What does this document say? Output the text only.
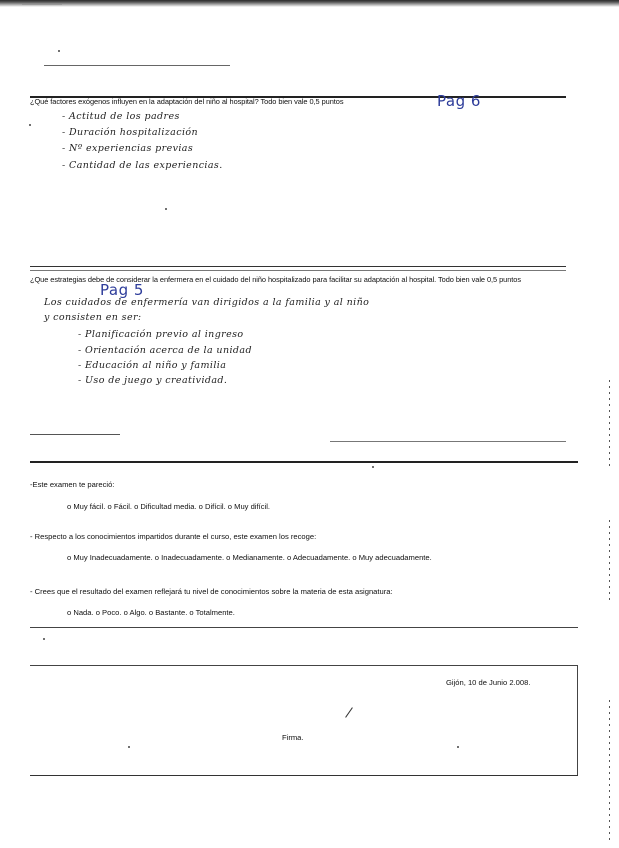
¿Qué factores exógenos influyen en la adaptación del niño al hospital? Todo bien vale 0,5 puntos	Pag 6
- Actitud de los padres
- Duración hospitalización
- Nº experiencias previas
- Cantidad de las experiencias.
¿Que estrategias debe de considerar la enfermera en el cuidado del niño hospitalizado para facilitar su adaptación al hospital. Todo bien vale 0,5 puntos
Pag 5
Los cuidados de enfermería van dirigidos a la familia y al niño
y consisten en ser:
- Planificación previo al ingreso
- Orientación acerca de la unidad
- Educación al niño y familia
- Uso de juego y creatividad.
-Este examen te pareció:
o Muy fácil. o Fácil. o Dificultad media. o Difícil. o Muy difícil.
- Respecto a los conocimientos impartidos durante el curso, este examen los recoge:
o Muy Inadecuadamente. o Inadecuadamente. o Medianamente. o Adecuadamente. o Muy adecuadamente.
- Crees que el resultado del examen reflejará tu nivel de conocimientos sobre la materia de esta asignatura:
o Nada. o Poco. o Algo. o Bastante. o Totalmente.
Gijón, 10 de Junio 2.008.
Firma.
